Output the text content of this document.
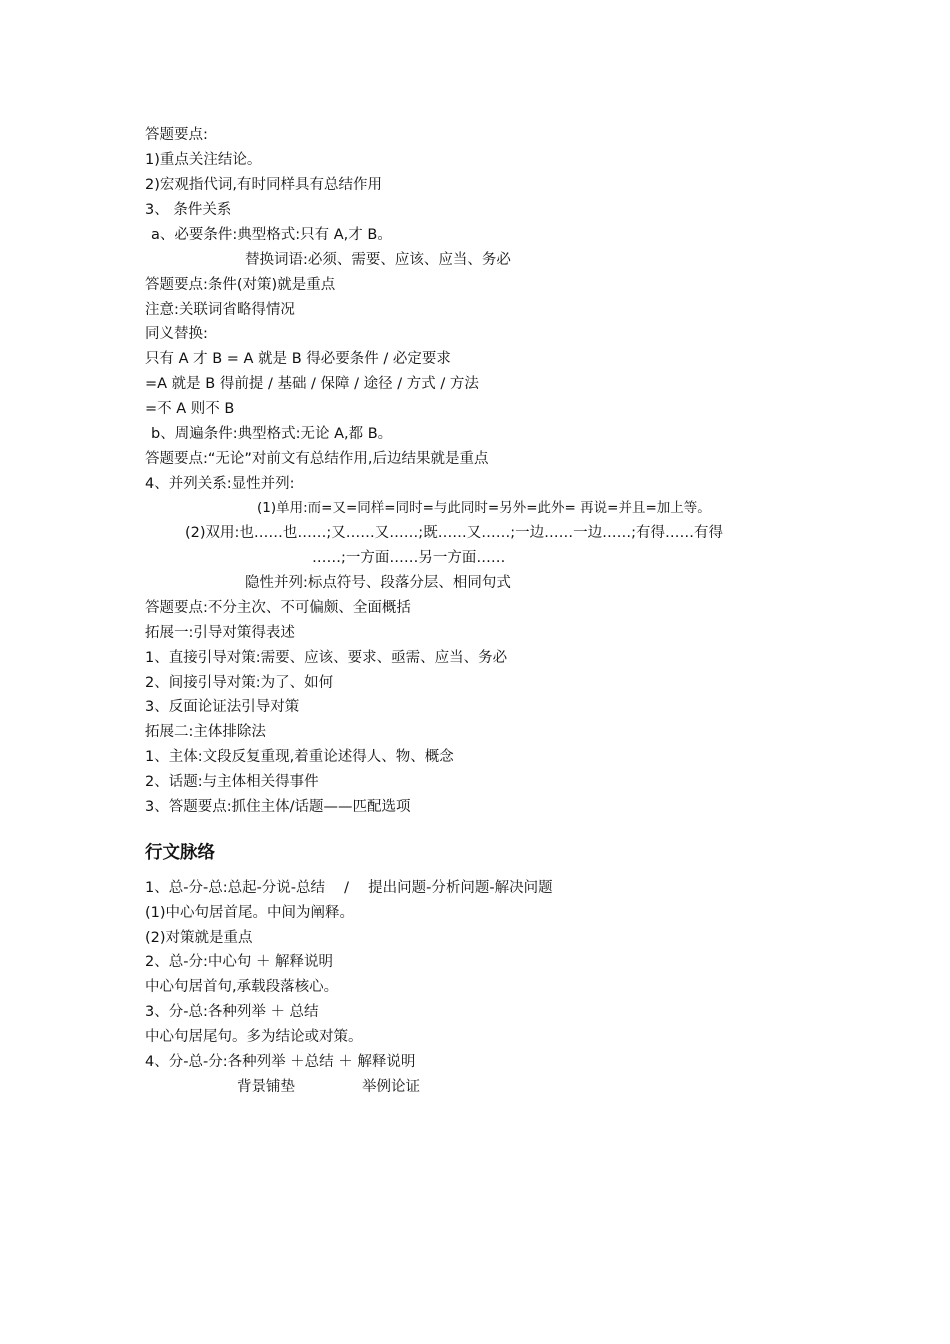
答题要点:
1)重点关注结论。
2)宏观指代词,有时同样具有总结作用
3、 条件关系
a、必要条件:典型格式:只有 A,才 B。
替换词语:必须、需要、应该、应当、务必
答题要点:条件(对策)就是重点
注意:关联词省略得情况
同义替换:
只有 A 才 B = A 就是 B 得必要条件 / 必定要求
=A 就是 B 得前提 / 基础 / 保障 / 途径 / 方式 / 方法
=不 A 则不 B
b、周遍条件:典型格式:无论 A,都 B。
答题要点:“无论”对前文有总结作用,后边结果就是重点
4、并列关系:显性并列:
(1)单用:而=又=同样=同时=与此同时=另外=此外= 再说=并且=加上等。
(2)双用:也……也……;又……又……;既……又……;一边……一边……;有得……有得
……;一方面……另一方面……
隐性并列:标点符号、段落分层、相同句式
答题要点:不分主次、不可偏颇、全面概括
拓展一:引导对策得表述
1、直接引导对策:需要、应该、要求、亟需、应当、务必
2、间接引导对策:为了、如何
3、反面论证法引导对策
拓展二:主体排除法
1、主体:文段反复重现,着重论述得人、物、概念
2、话题:与主体相关得事件
3、答题要点:抓住主体/话题——匹配选项
行文脉络
1、总-分-总:总起-分说-总结　 /　 提出问题-分析问题-解决问题
(1)中心句居首尾。中间为阐释。
(2)对策就是重点
2、总-分:中心句 ＋ 解释说明
中心句居首句,承载段落核心。
3、分-总:各种列举 ＋ 总结
中心句居尾句。多为结论或对策。
4、分-总-分:各种列举 ＋总结 ＋ 解释说明
背景铺垫	举例论证
